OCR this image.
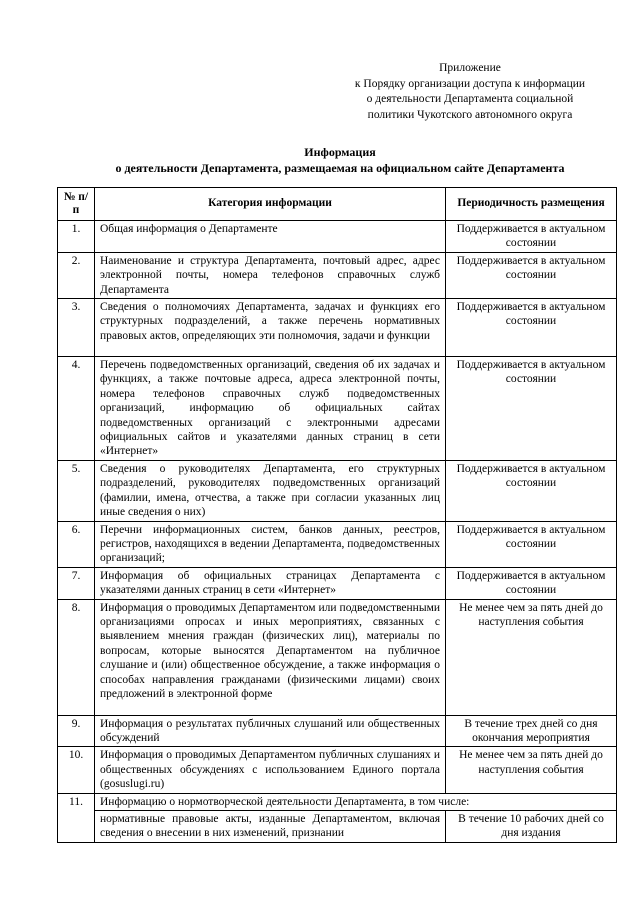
Приложение
к Порядку организации доступа к информации
о деятельности Департамента социальной
политики Чукотского автономного округа
Информация
о деятельности Департамента, размещаемая на официальном сайте Департамента
№ п/п	Категория информации	Периодичность размещения
1.	Общая информация о Департаменте	Поддерживается в актуальном состоянии
2.	Наименование и структура Департамента, почтовый адрес, адрес электронной почты, номера телефонов справочных служб Департамента	Поддерживается в актуальном состоянии
3.	Сведения о полномочиях Департамента, задачах и функциях его структурных подразделений, а также перечень нормативных правовых актов, определяющих эти полномочия, задачи и функции	Поддерживается в актуальном состоянии
4.	Перечень подведомственных организаций, сведения об их задачах и функциях, а также почтовые адреса, адреса электронной почты, номера телефонов справочных служб подведомственных организаций, информацию об официальных сайтах подведомственных организаций с электронными адресами официальных сайтов и указателями данных страниц в сети «Интернет»	Поддерживается в актуальном состоянии
5.	Сведения о руководителях Департамента, его структурных подразделений, руководителях подведомственных организаций (фамилии, имена, отчества, а также при согласии указанных лиц иные сведения о них)	Поддерживается в актуальном состоянии
6.	Перечни информационных систем, банков данных, реестров, регистров, находящихся в ведении Департамента, подведомственных организаций;	Поддерживается в актуальном состоянии
7.	Информация об официальных страницах Департамента с указателями данных страниц в сети «Интернет»	Поддерживается в актуальном состоянии
8.	Информация о проводимых Департаментом или подведомственными организациями опросах и иных мероприятиях, связанных с выявлением мнения граждан (физических лиц), материалы по вопросам, которые выносятся Департаментом на публичное слушание и (или) общественное обсуждение, а также информация о способах направления гражданами (физическими лицами) своих предложений в электронной форме	Не менее чем за пять дней до наступления события
9.	Информация о результатах публичных слушаний или общественных обсуждений	В течение трех дней со дня окончания мероприятия
10.	Информация о проводимых Департаментом публичных слушаниях и общественных обсуждениях с использованием Единого портала (gosuslugi.ru)	Не менее чем за пять дней до наступления события
11.	Информацию о нормотворческой деятельности Департамента, в том числе:	
	нормативные правовые акты, изданные Департаментом, включая сведения о внесении в них изменений, признании	В течение 10 рабочих дней со дня издания
